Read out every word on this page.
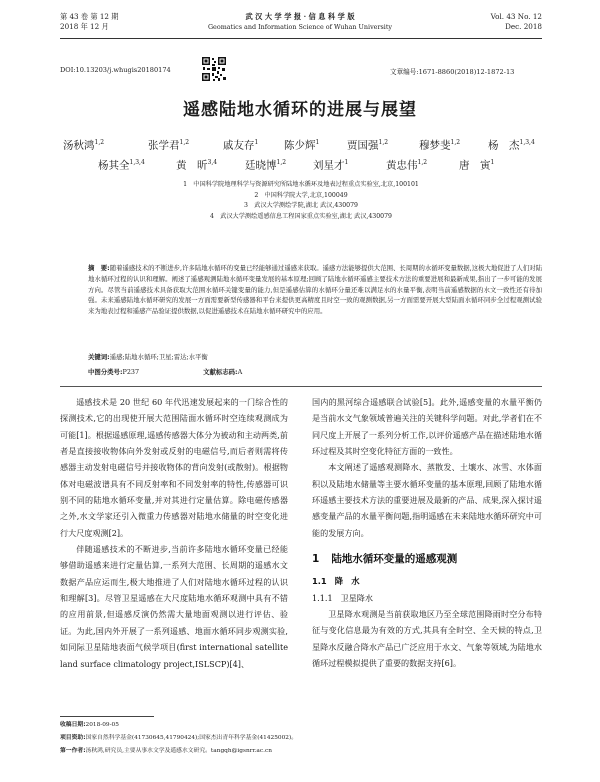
第 43 卷 第 12 期
2018 年 12 月
武 汉 大 学 学 报 · 信 息 科 学 版
Geomatics and Information Science of Wuhan University
Vol. 43 No. 12
Dec. 2018
DOI:10.13203/j.whugis20180174	文章编号:1671-8860(2018)12-1872-13
遥感陆地水循环的进展与展望
汤秋鸿$^{1,2}$	张学君$^{1,2}$	戚友存$^1$ 陈少辉$^1$	贾国强$^{1,2}$	穆梦斐$^{1,2}$	杨　杰$^{1,3,4}$
杨其全$^{1,3,4}$	黄　昕$^{3,4}$	廷晓博$^{1,2}$	刘星才$^1$	黄忠伟$^{1,2}$	唐　寅$^1$
1　中国科学院地理科学与资源研究所陆地水循环及地表过程重点实验室,北京,100101
2　中国科学院大学,北京,100049
3　武汉大学测绘学院,湖北 武汉,430079
4　武汉大学测绘遥感信息工程国家重点实验室,湖北 武汉,430079
摘　要:随着遥感技术的不断进步,许多陆地水循环的变量已经能够通过遥感来获取。遥感方法能够提供大范围、长周期的水循环变量数据,这极大地促进了人们对陆地水循环过程的认识和理解。阐述了遥感观测陆地水循环变量发展的基本原理;回顾了陆地水循环遥感主要技术方法的重要进展和最新成果,指出了一步可能的发展方向。尽管当前遥感技术具备获取大范围水循环关键变量的能力,但是遥感估算的水循环分量还难以满足水的水量平衡,表明当前遥感数据的水文一致性还有待加强。未来遥感陆地水循环研究的发展一方面需要新型传感器和平台来提供更高精度且时空一致的观测数据,另一方面需要开展大型陆面水循环同步全过程观测试验来为地表过程和遥感产品验证提供数据,以促进遥感技术在陆地水循环研究中的应用。
关键词:遥感;陆地水循环;卫星;雷达;水平衡
中图分类号:P237	文献标志码:A

遥感技术是 20 世纪 60 年代迅速发展起来的一门综合性的探测技术,它的出现使开展大范围陆面水循环时空连续观测成为可能[1]。根据遥感原理,遥感传感器大体分为被动和主动两类,前者是直接接收物体向外发射或反射的电磁信号,而后者则需将传感器主动发射电磁信号并接收物体的背向发射(或散射)。根据物体对电磁波谱具有不同反射率和不同发射率的特性,传感器可识别不同的陆地水循环变量,并对其进行定量估算。除电磁传感器之外,水文学家还引入微重力传感器对陆地水储量的时空变化进行大尺度观测[2]。

伴随遥感技术的不断进步,当前许多陆地水循环变量已经能够借助遥感来进行定量估算,一系列大范围、长周期的遥感水文数据产品应运而生,极大地推进了人们对陆地水循环过程的认识和理解[3]。尽管卫星遥感在大尺度陆地水循环观测中具有不错的应用前景,但遥感反演仍然需大量地面观测以进行评估、验证。为此,国内外开展了一系列遥感、地面水循环同步观测实验,如同际卫星陆地表面气候学项目(first international satellite land surface climatology project,ISLSCP)[4]、

国内的黑河综合遥感联合试验[5]。此外,遥感变量的水量平衡仍是当前水文气象领域普遍关注的关键科学问题。对此,学者们在不同尺度上开展了一系列分析工作,以评价遥感产品在描述陆地水循环过程及其时空变化特征方面的一致性。

本文阐述了遥感观测降水、蒸散发、土壤水、冰雪、水体面积以及陆地水储量等主要水循环变量的基本原理,回顾了陆地水循环遥感主要技术方法的重要进展及最新的产品、成果,深入探讨遥感变量产品的水量平衡问题,指明遥感在未来陆地水循环研究中可能的发展方向。

1 陆地水循环变量的遥感观测
1.1 降　水
1.1.1 卫星降水

卫星降水观测是当前获取地区乃至全球范围降雨时空分布特征与变化信息最为有效的方式,其具有全时空、全天候的特点,卫星降水反融合降水产品已广泛应用于水文、气象等领域,为陆地水循环过程模拟提供了重要的数据支持[6]。

收稿日期:2018-09-05
项目资助:国家自然科学基金(41730645,41790424);国家杰出青年科学基金(41425002)。
第一作者:汤秋鸿,研究员,主要从事水文学及遥感水文研究。tangqh@igsnrr.ac.cn
